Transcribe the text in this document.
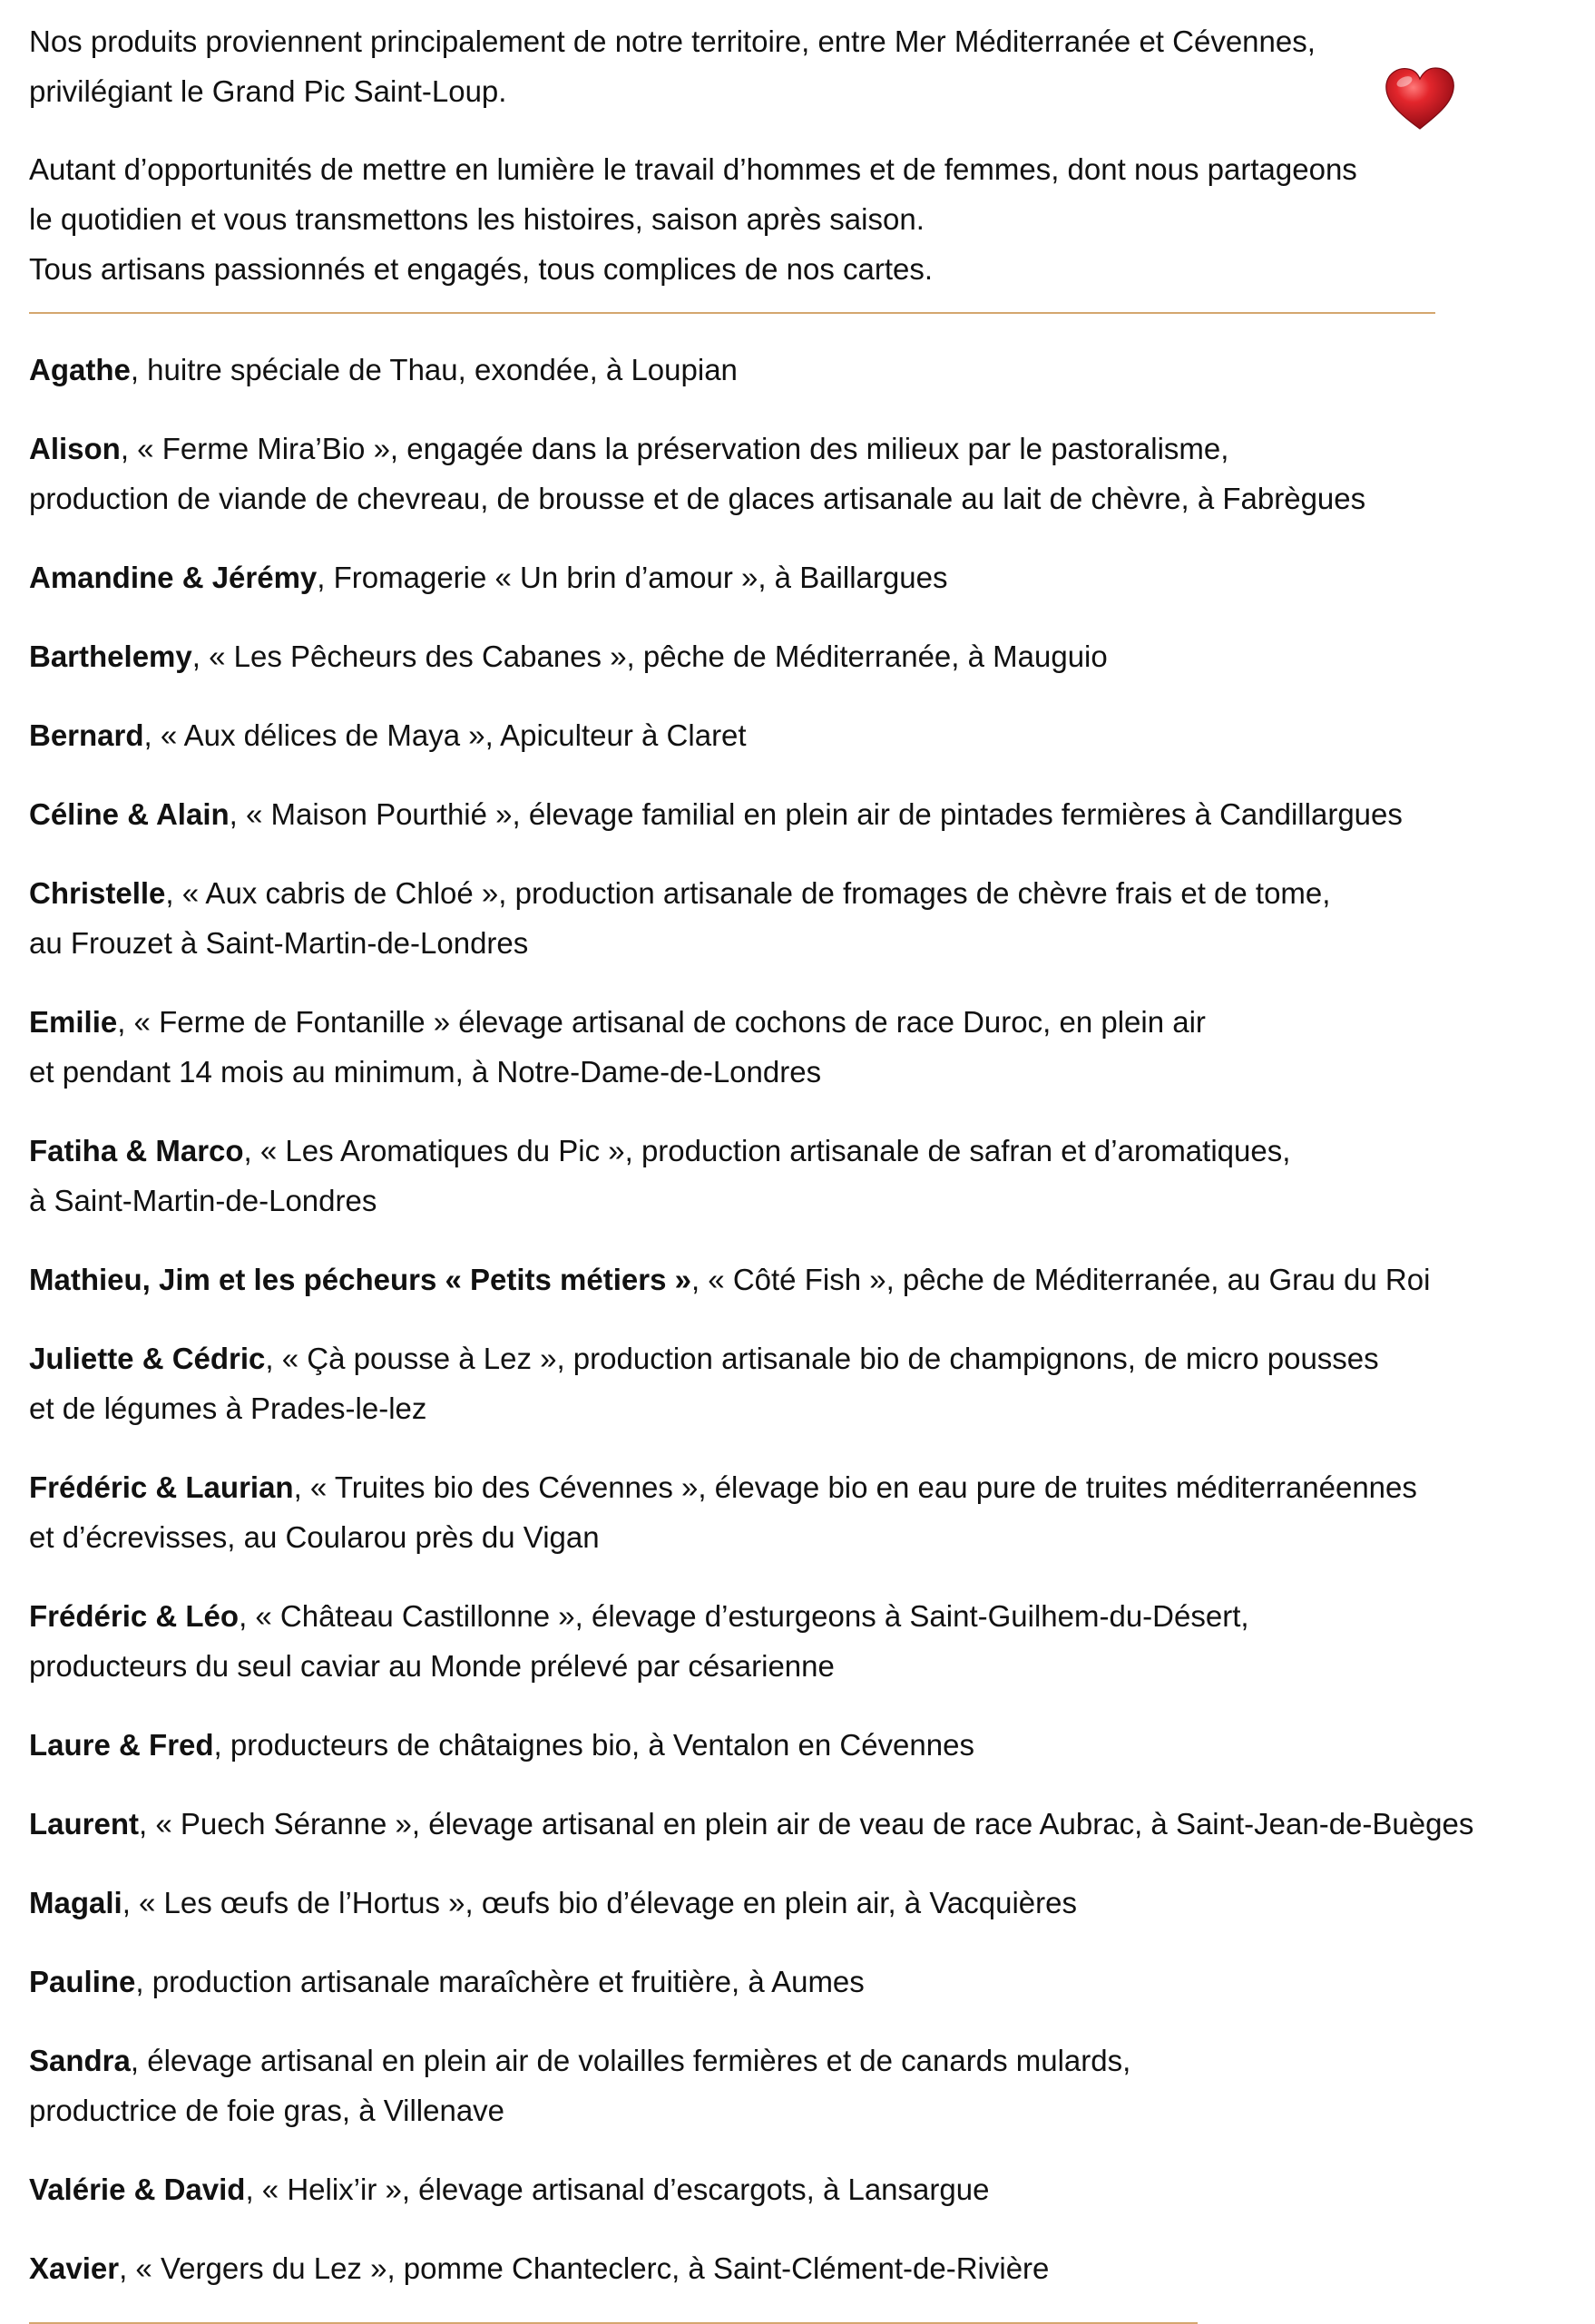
Nos produits proviennent principalement de notre territoire, entre Mer Méditerranée et Cévennes,

privilégiant le Grand Pic Saint-Loup.

Autant d’opportunités de mettre en lumière le travail d’hommes et de femmes, dont nous partageons

le quotidien et vous transmettons les histoires, saison après saison.

Tous artisans passionnés et engagés, tous complices de nos cartes.

Agathe, huitre spéciale de Thau, exondée, à Loupian
Alison, « Ferme Mira’Bio », engagée dans la préservation des milieux par le pastoralisme,
production de viande de chevreau, de brousse et de glaces artisanale au lait de chèvre, à Fabrègues
Amandine & Jérémy, Fromagerie « Un brin d’amour », à Baillargues
Barthelemy, « Les Pêcheurs des Cabanes », pêche de Méditerranée, à Mauguio
Bernard, « Aux délices de Maya », Apiculteur à Claret
Céline & Alain, « Maison Pourthié », élevage familial en plein air de pintades fermières à Candillargues
Christelle, « Aux cabris de Chloé », production artisanale de fromages de chèvre frais et de tome,
au Frouzet à Saint-Martin-de-Londres
Emilie, « Ferme de Fontanille » élevage artisanal de cochons de race Duroc, en plein air
et pendant 14 mois au minimum, à Notre-Dame-de-Londres
Fatiha & Marco, « Les Aromatiques du Pic », production artisanale de safran et d’aromatiques,
à Saint-Martin-de-Londres
Mathieu, Jim et les pécheurs « Petits métiers », « Côté Fish », pêche de Méditerranée, au Grau du Roi
Juliette & Cédric, « Çà pousse à Lez », production artisanale bio de champignons, de micro pousses
et de légumes à Prades-le-lez
Frédéric & Laurian, « Truites bio des Cévennes », élevage bio en eau pure de truites méditerranéennes
et d’écrevisses, au Coularou près du Vigan
Frédéric & Léo, « Château Castillonne », élevage d’esturgeons à Saint-Guilhem-du-Désert,
producteurs du seul caviar au Monde prélevé par césarienne
Laure & Fred, producteurs de châtaignes bio, à Ventalon en Cévennes
Laurent, « Puech Séranne », élevage artisanal en plein air de veau de race Aubrac, à Saint-Jean-de-Buèges
Magali, « Les œufs de l’Hortus », œufs bio d’élevage en plein air, à Vacquières
Pauline, production artisanale maraîchère et fruitière, à Aumes
Sandra, élevage artisanal en plein air de volailles fermières et de canards mulards,
productrice de foie gras, à Villenave
Valérie & David, « Helix’ir », élevage artisanal d’escargots, à Lansargue
Xavier, « Vergers du Lez », pomme Chanteclerc, à Saint-Clément-de-Rivière
